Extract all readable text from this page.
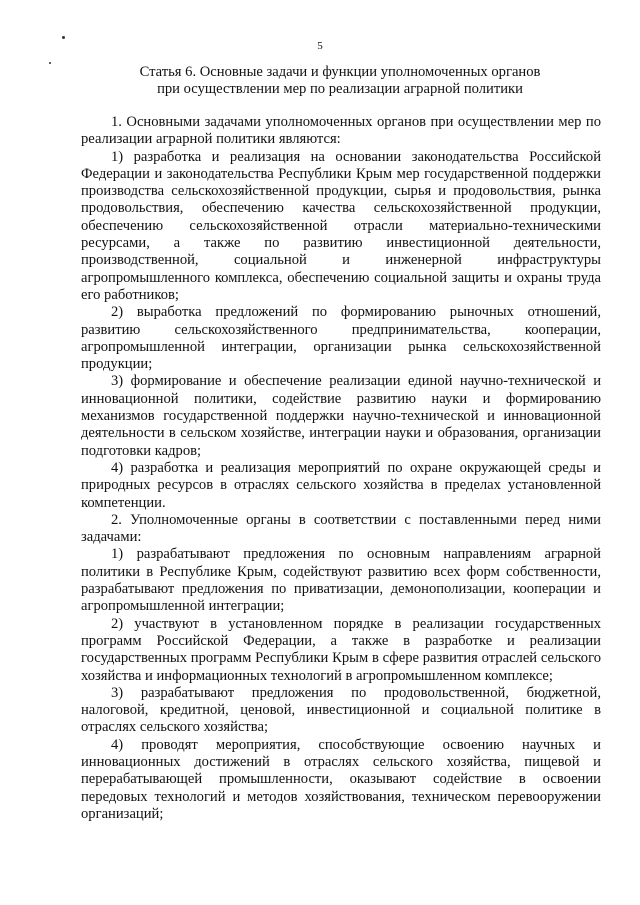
5
Статья 6. Основные задачи и функции уполномоченных органов
при осуществлении мер по реализации аграрной политики

1. Основными задачами уполномоченных органов при осуществлении мер по реализации аграрной политики являются:

1) разработка и реализация на основании законодательства Российской Федерации и законодательства Республики Крым мер государственной поддержки производства сельскохозяйственной продукции, сырья и продовольствия, рынка продовольствия, обеспечению качества сельскохозяйственной продукции, обеспечению сельскохозяйственной отрасли материально-техническими ресурсами, а также по развитию инвестиционной деятельности, производственной, социальной и инженерной инфраструктуры агропромышленного комплекса, обеспечению социальной защиты и охраны труда его работников;

2) выработка предложений по формированию рыночных отношений, развитию сельскохозяйственного предпринимательства, кооперации, агропромышленной интеграции, организации рынка сельскохозяйственной продукции;

3) формирование и обеспечение реализации единой научно-технической и инновационной политики, содействие развитию науки и формированию механизмов государственной поддержки научно-технической и инновационной деятельности в сельском хозяйстве, интеграции науки и образования, организации подготовки кадров;

4) разработка и реализация мероприятий по охране окружающей среды и природных ресурсов в отраслях сельского хозяйства в пределах установленной компетенции.

2. Уполномоченные органы в соответствии с поставленными перед ними задачами:

1) разрабатывают предложения по основным направлениям аграрной политики в Республике Крым, содействуют развитию всех форм собственности, разрабатывают предложения по приватизации, демонополизации, кооперации и агропромышленной интеграции;

2) участвуют в установленном порядке в реализации государственных программ Российской Федерации, а также в разработке и реализации государственных программ Республики Крым в сфере развития отраслей сельского хозяйства и информационных технологий в агропромышленном комплексе;

3) разрабатывают предложения по продовольственной, бюджетной, налоговой, кредитной, ценовой, инвестиционной и социальной политике в отраслях сельского хозяйства;

4) проводят мероприятия, способствующие освоению научных и инновационных достижений в отраслях сельского хозяйства, пищевой и перерабатывающей промышленности, оказывают содействие в освоении передовых технологий и методов хозяйствования, техническом перевооружении организаций;
